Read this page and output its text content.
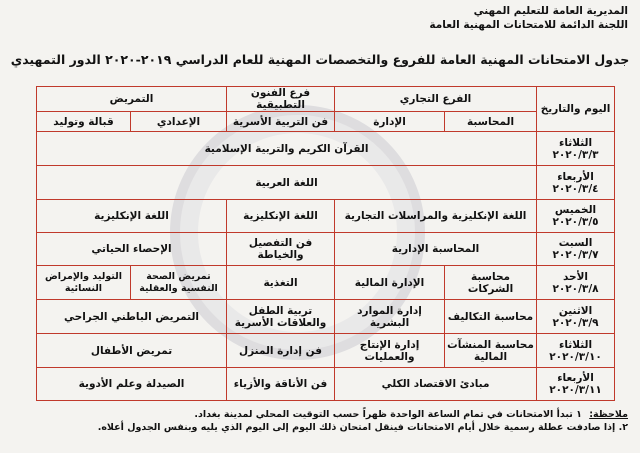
المديرية العامة للتعليم المهني
اللجنة الدائمة للامتحانات المهنية العامة
جدول الامتحانات المهنية العامة للفروع والتخصصات المهنية للعام الدراسي ٢٠١٩-٢٠٢٠ الدور التمهيدي
اليوم والتاريخ	الفرع التجاري		فرع الفنون التطبيقية	التمريض	
	المحاسبة	الإدارة	فن التربية الأسرية	الإعدادي	قبالة وتوليد

الثلاثاء
٢٠٢٠/٣/٣	القرآن الكريم والتربية الإسلامية				

الأربعاء
٢٠٢٠/٣/٤	اللغة العربية				

الخميس
٢٠٢٠/٣/٥	اللغة الإنكليزية والمراسلات التجارية		اللغة الإنكليزية	اللغة الإنكليزية	

السبت
٢٠٢٠/٣/٧	المحاسبة الإدارية		فن التفصيل والخياطة	الإحصاء الحياتي	

الأحد
٢٠٢٠/٣/٨	محاسبة الشركات	الإدارة المالية	التغذية	تمريض الصحة النفسية والعقلية	التوليد والإمراض النسائية

الاثنين
٢٠٢٠/٣/٩	محاسبة التكاليف	إدارة الموارد البشرية	تربية الطفل والعلاقات الأسرية	التمريض الباطني الجراحي	

الثلاثاء
٢٠٢٠/٣/١٠	محاسبة المنشآت المالية	إدارة الإنتاج والعمليات	فن إدارة المنزل	تمريض الأطفال	

الأربعاء
٢٠٢٠/٣/١١	مبادئ الاقتصاد الكلي		فن الأناقة والأزياء	الصيدلة وعلم الأدوية	
ملاحظة: ١ تبدأ الامتحانات في تمام الساعة الواحدة ظهراً حسب التوقيت المحلي لمدينة بغداد.
٢. إذا صادفت عطلة رسمية خلال أيام الامتحانات فينقل امتحان ذلك اليوم إلى اليوم الذي يليه وبنفس الجدول أعلاه.
